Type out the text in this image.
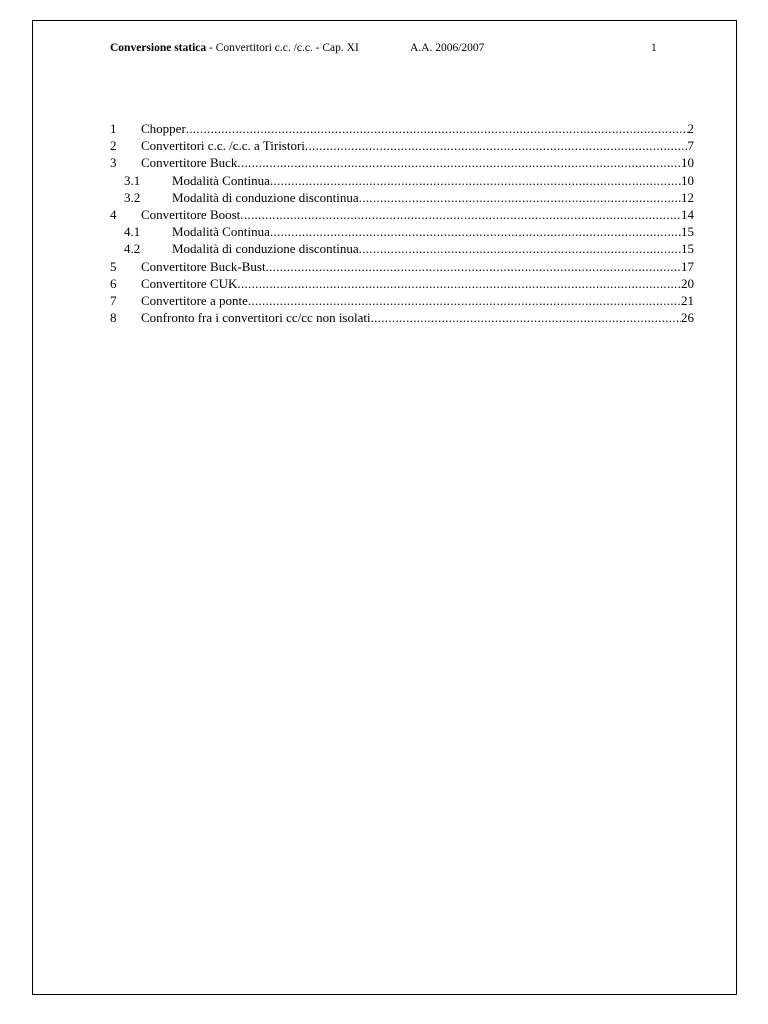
Conversione statica - Convertitori c.c. /c.c. - Cap. XI	A.A. 2006/2007	1
1	Chopper .....	2
2	Convertitori c.c. /c.c. a Tiristori .....	7
3	Convertitore Buck .....	10
3.1	Modalità Continua .....	10
3.2	Modalità di conduzione discontinua .....	12
4	Convertitore Boost .....	14
4.1	Modalità Continua .....	15
4.2	Modalità di conduzione discontinua .....	15
5	Convertitore Buck-Bust .....	17
6	Convertitore CUK .....	20
7	Convertitore a ponte .....	21
8	Confronto fra i convertitori cc/cc non isolati .....	26
